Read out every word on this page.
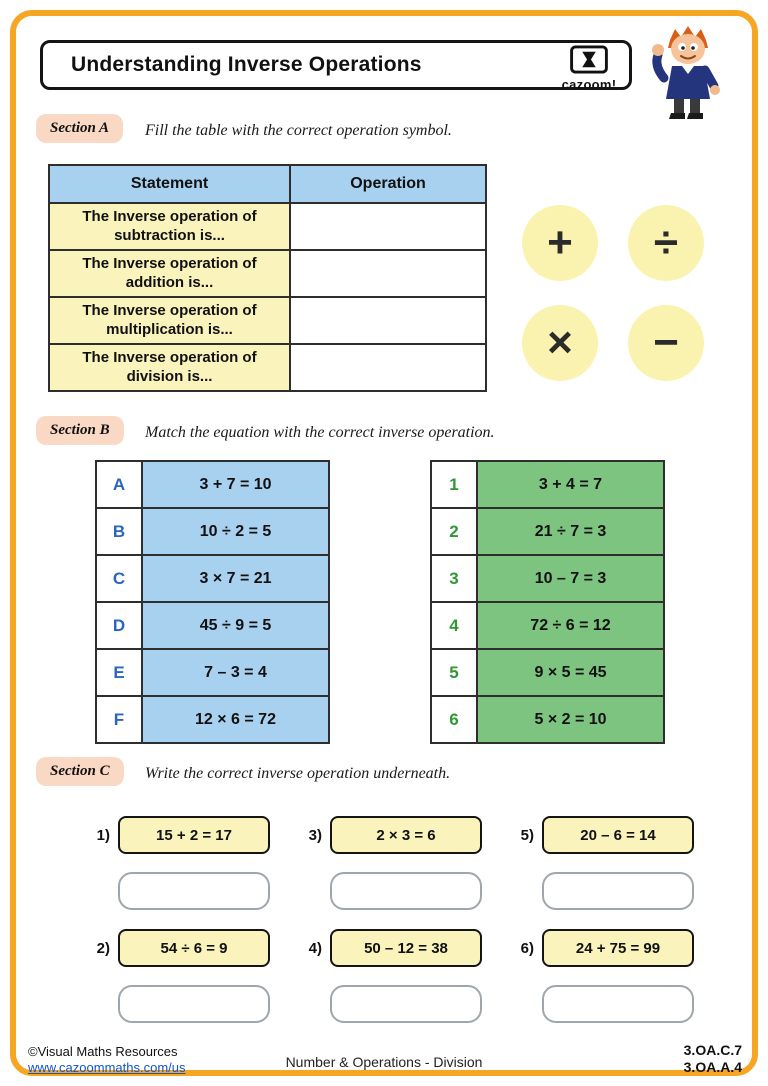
Understanding Inverse Operations
cazoom!
Section A	Fill the table with the correct operation symbol.
Statement	Operation
The Inverse operation of subtraction is...	
The Inverse operation of addition is...	
The Inverse operation of multiplication is...	
The Inverse operation of division is...	
+	÷
×	−
Section B	Match the equation with the correct inverse operation.
A	3 + 7 = 10
B	10 ÷ 2 = 5
C	3 × 7 = 21
D	45 ÷ 9 = 5
E	7 – 3 = 4
F	12 × 6 = 72
1	3 + 4 = 7
2	21 ÷ 7 = 3
3	10 – 7 = 3
4	72 ÷ 6 = 12
5	9 × 5 = 45
6	5 × 2 = 10
Section C	Write the correct inverse operation underneath.
1)	15 + 2 = 17	3)	2 × 3 = 6	5)	20 – 6 = 14
2)	54 ÷ 6 = 9	4)	50 – 12 = 38	6)	24 + 75 = 99
©Visual Maths Resources
www.cazoommaths.com/us	Number & Operations - Division
3.OA.C.7
3.OA.A.4
